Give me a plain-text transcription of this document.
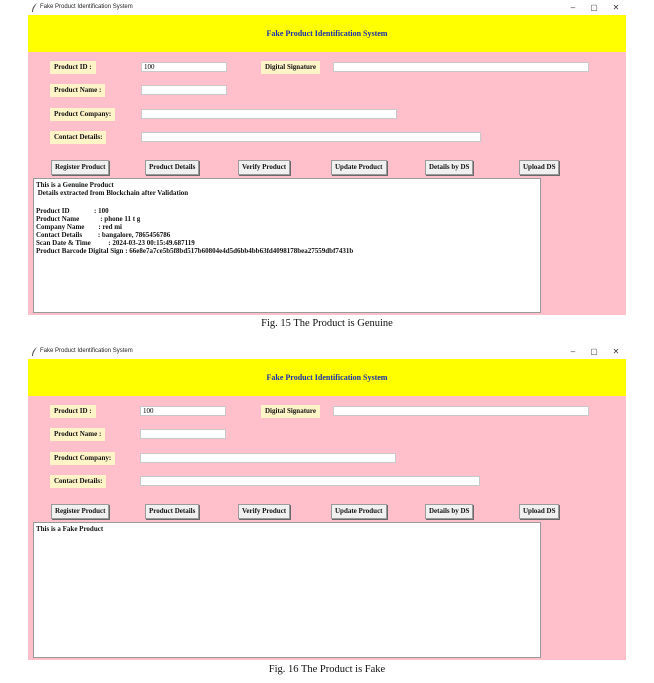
Fake Product Identification System	–	▢	✕
Fake Product Identification System
Product ID :	100	Digital Signature
Product Name :
Product Company:
Contact Details:
Register Product	Product Details	Verify Product	Update Product	Details by DS	Upload DS
This is a Genuine Product
Details extracted from Blockchain after Validation
Product ID              : 100
Product Name            : phone 11 t g
Company Name        : red mi
Contact Details         : bangalore, 7865456786
Scan Date & Time          : 2024-03-23 00:15:49.687119
Product Barcode Digital Sign : 66e8e7a7ce5b5f8bd517b60804e4d5d6bb4bb63fd4098178bea27559dbf7431b
Fig. 15 The Product is Genuine
Fake Product Identification System	–	▢	✕
Fake Product Identification System
Product ID :	100	Digital Signature
Product Name :
Product Company:
Contact Details:
Register Product	Product Details	Verify Product	Update Product	Details by DS	Upload DS
This is a Fake Product
Fig. 16 The Product is Fake
